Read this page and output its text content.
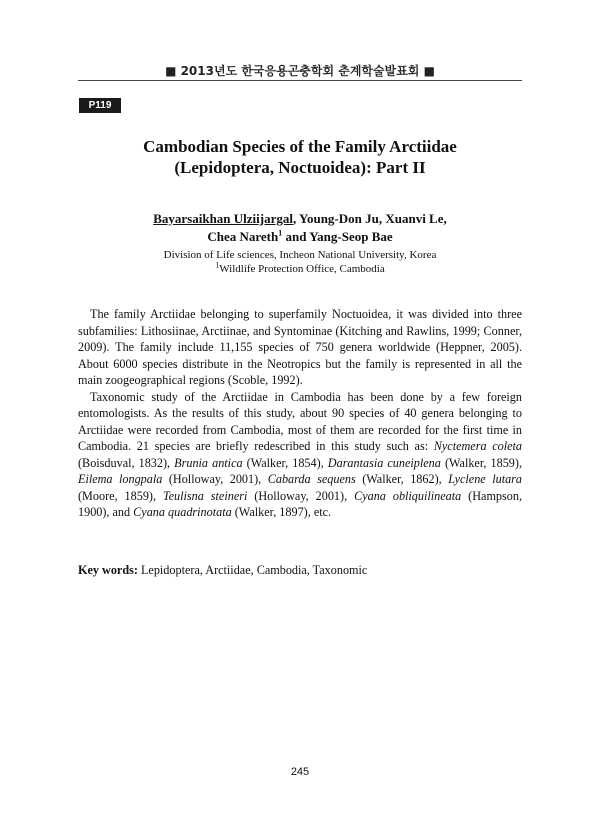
■ 2013년도 한국응용곤충학회 춘계학술발표회 ■
P119
Cambodian Species of the Family Arctiidae
(Lepidoptera, Noctuoidea): Part II
Bayarsaikhan Ulziijargal, Young-Don Ju, Xuanvi Le,
Chea Nareth$^1$ and Yang-Seop Bae
Division of Life sciences, Incheon National University, Korea
$^1$Wildlife Protection Office, Cambodia

The family Arctiidae belonging to superfamily Noctuoidea, it was divided into three subfamilies: Lithosiinae, Arctiinae, and Syntominae (Kitching and Rawlins, 1999; Conner, 2009). The family include 11,155 species of 750 genera worldwide (Heppner, 2005). About 6000 species distribute in the Neotropics but the family is represented in all the main zoogeographical regions (Scoble, 1992).

Taxonomic study of the Arctiidae in Cambodia has been done by a few foreign entomologists. As the results of this study, about 90 species of 40 genera belonging to Arctiidae were recorded from Cambodia, most of them are recorded for the first time in Cambodia. 21 species are briefly redescribed in this study such as: Nyctemera coleta (Boisduval, 1832), Brunia antica (Walker, 1854), Darantasia cuneiplena (Walker, 1859), Eilema longpala (Holloway, 2001), Cabarda sequens (Walker, 1862), Lyclene lutara (Moore, 1859), Teulisna steineri (Holloway, 2001), Cyana obliquilineata (Hampson, 1900), and Cyana quadrinotata (Walker, 1897), etc.

Key words: Lepidoptera, Arctiidae, Cambodia, Taxonomic
245
